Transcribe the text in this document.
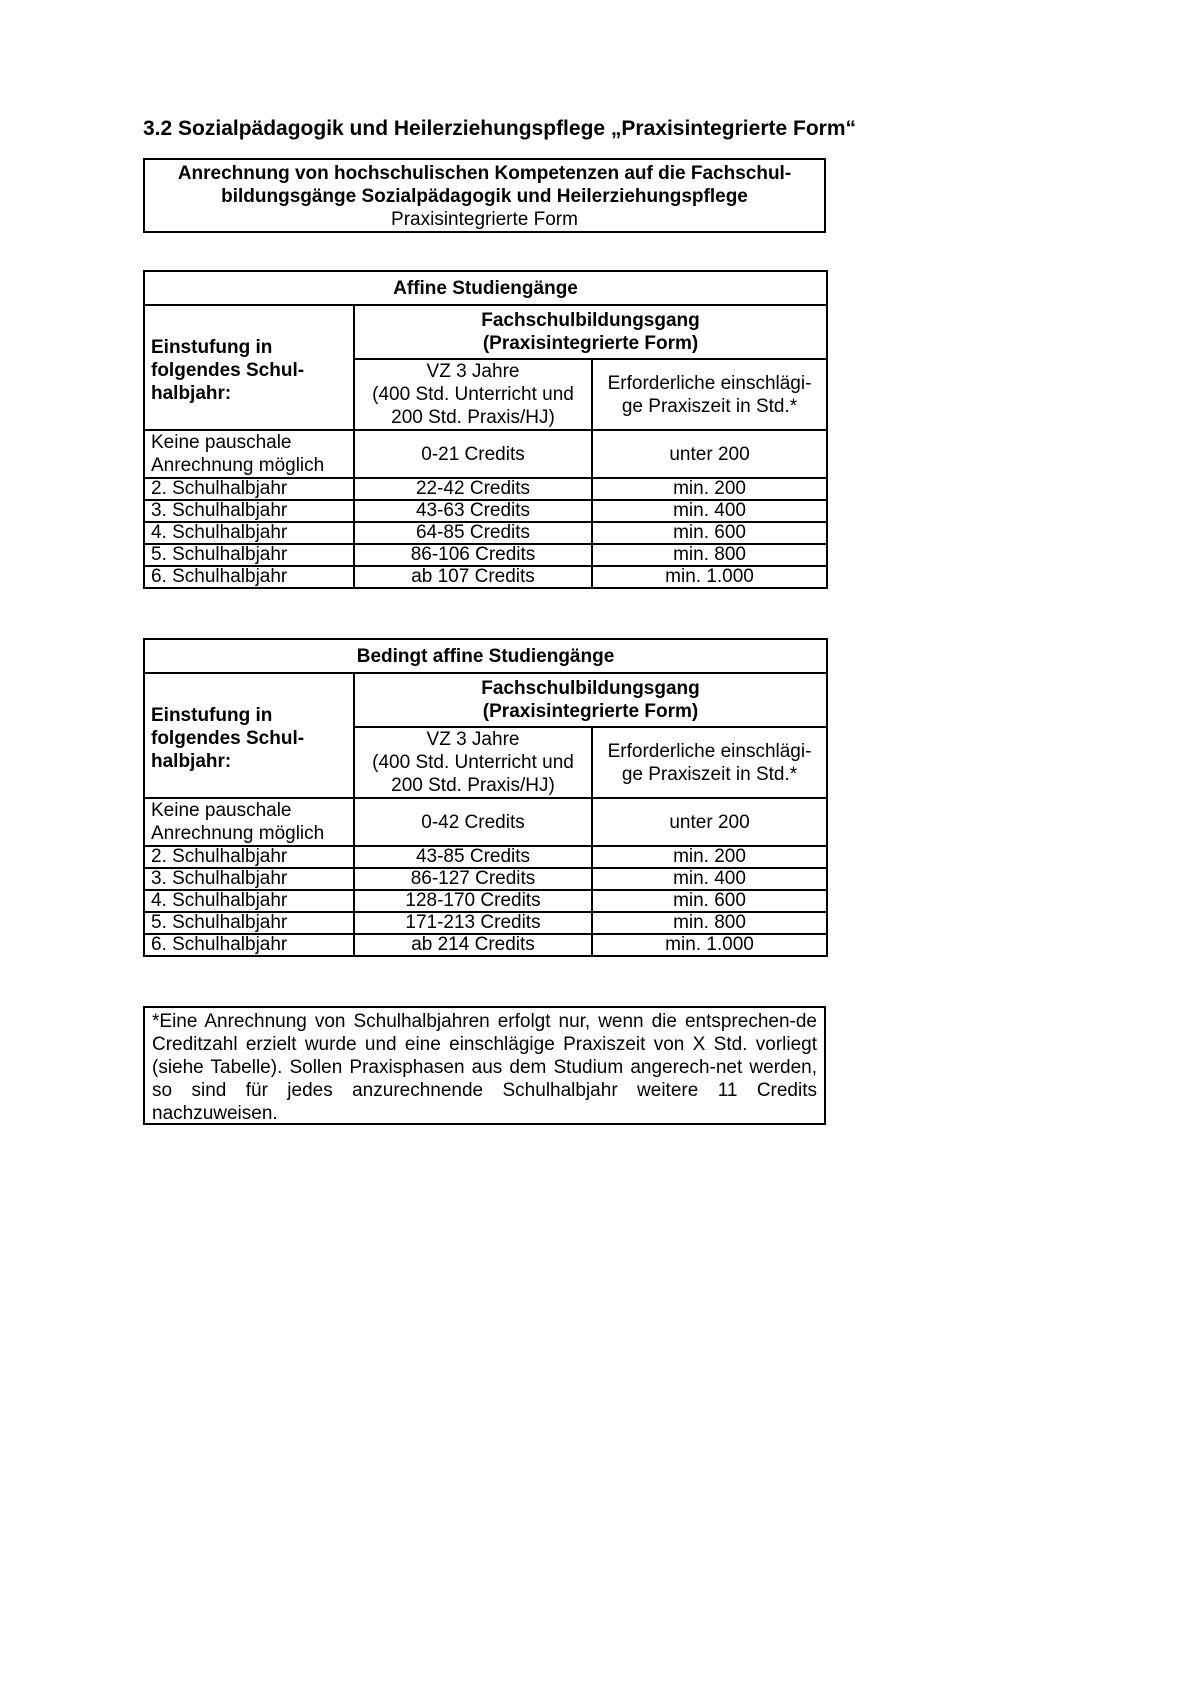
3.2 Sozialpädagogik und Heilerziehungspflege „Praxisintegrierte Form“
Anrechnung von hochschulischen Kompetenzen auf die Fachschul-
bildungsgänge Sozialpädagogik und Heilerziehungspflege
Praxisintegrierte Form
Affine Studiengänge		
Einstufung in
folgendes Schul-
halbjahr:	Fachschulbildungsgang
(Praxisintegrierte Form)	
	VZ 3 Jahre
(400 Std. Unterricht und
200 Std. Praxis/HJ)	Erforderliche einschlägi-
ge Praxiszeit in Std.*
Keine pauschale
Anrechnung möglich	0-21 Credits	unter 200
2. Schulhalbjahr	22-42 Credits	min. 200
3. Schulhalbjahr	43-63 Credits	min. 400
4. Schulhalbjahr	64-85 Credits	min. 600
5. Schulhalbjahr	86-106 Credits	min. 800
6. Schulhalbjahr	ab 107 Credits	min. 1.000
Bedingt affine Studiengänge		
Einstufung in
folgendes Schul-
halbjahr:	Fachschulbildungsgang
(Praxisintegrierte Form)	
	VZ 3 Jahre
(400 Std. Unterricht und
200 Std. Praxis/HJ)	Erforderliche einschlägi-
ge Praxiszeit in Std.*
Keine pauschale
Anrechnung möglich	0-42 Credits	unter 200
2. Schulhalbjahr	43-85 Credits	min. 200
3. Schulhalbjahr	86-127 Credits	min. 400
4. Schulhalbjahr	128-170 Credits	min. 600
5. Schulhalbjahr	171-213 Credits	min. 800
6. Schulhalbjahr	ab 214 Credits	min. 1.000
*Eine Anrechnung von Schulhalbjahren erfolgt nur, wenn die entsprechen-de Creditzahl erzielt wurde und eine einschlägige Praxiszeit von X Std. vorliegt (siehe Tabelle). Sollen Praxisphasen aus dem Studium angerech-net werden, so sind für jedes anzurechnende Schulhalbjahr weitere 11 Credits nachzuweisen.
